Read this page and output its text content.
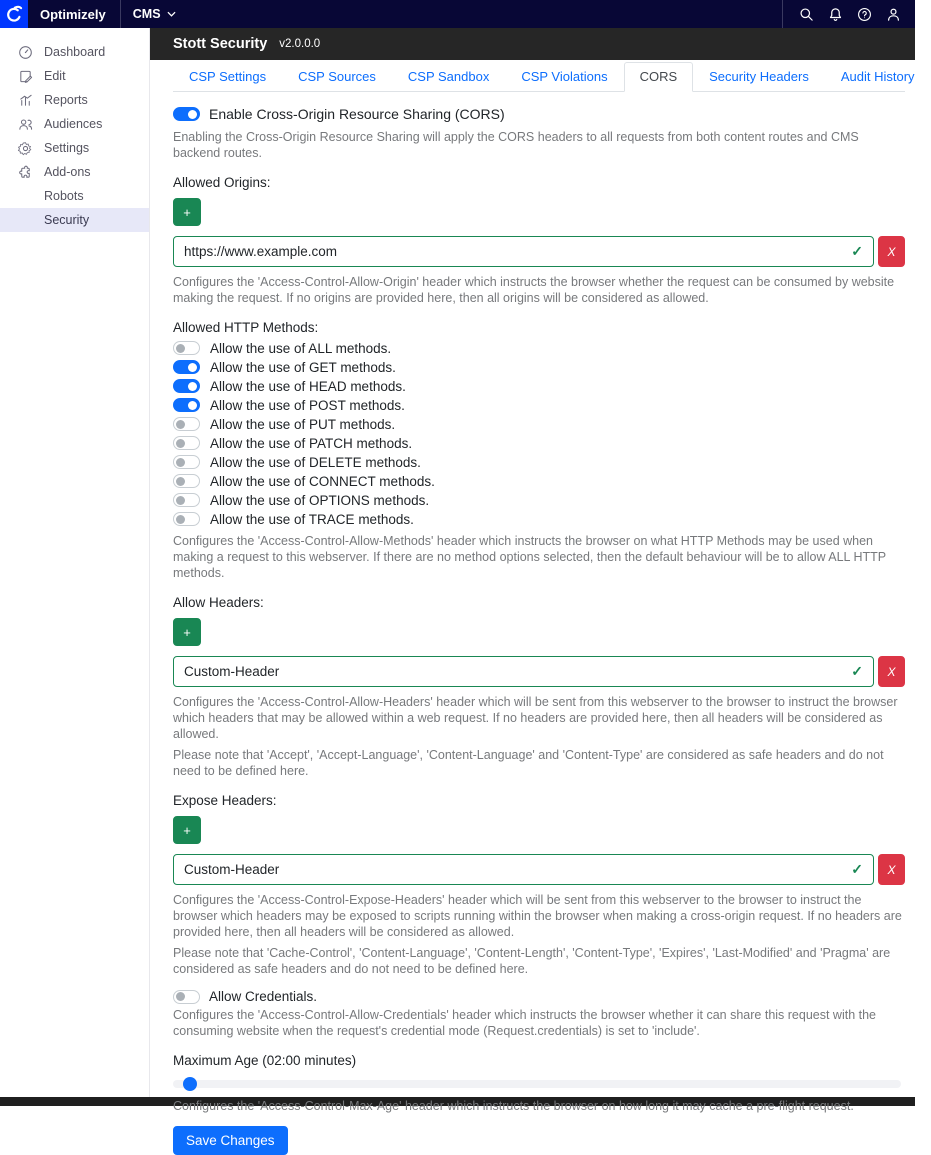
Optimizely	CMS
Dashboard
Edit
Reports
Audiences
Settings
Add-ons
Robots
Security
Stott Security v2.0.0.0
CSP Settings	CSP Sources	CSP Sandbox	CSP Violations	CORS	Security Headers	Audit History
Enable Cross-Origin Resource Sharing (CORS)
Enabling the Cross-Origin Resource Sharing will apply the CORS headers to all requests from both content routes and CMS backend routes.
Allowed Origins:
+
https://www.example.com
✓	X
Configures the 'Access-Control-Allow-Origin' header which instructs the browser whether the request can be consumed by website making the request. If no origins are provided here, then all origins will be considered as allowed.
Allowed HTTP Methods:
Allow the use of ALL methods.
Allow the use of GET methods.
Allow the use of HEAD methods.
Allow the use of POST methods.
Allow the use of PUT methods.
Allow the use of PATCH methods.
Allow the use of DELETE methods.
Allow the use of CONNECT methods.
Allow the use of OPTIONS methods.
Allow the use of TRACE methods.
Configures the 'Access-Control-Allow-Methods' header which instructs the browser on what HTTP Methods may be used when making a request to this webserver. If there are no method options selected, then the default behaviour will be to allow ALL HTTP methods.
Allow Headers:
+
Custom-Header
✓	X
Configures the 'Access-Control-Allow-Headers' header which will be sent from this webserver to the browser to instruct the browser which headers that may be allowed within a web request. If no headers are provided here, then all headers will be considered as allowed.
Please note that 'Accept', 'Accept-Language', 'Content-Language' and 'Content-Type' are considered as safe headers and do not need to be defined here.
Expose Headers:
+
Custom-Header
✓	X
Configures the 'Access-Control-Expose-Headers' header which will be sent from this webserver to the browser to instruct the browser which headers may be exposed to scripts running within the browser when making a cross-origin request. If no headers are provided here, then all headers will be considered as allowed.
Please note that 'Cache-Control', 'Content-Language', 'Content-Length', 'Content-Type', 'Expires', 'Last-Modified' and 'Pragma' are considered as safe headers and do not need to be defined here.
Allow Credentials.
Configures the 'Access-Control-Allow-Credentials' header which instructs the browser whether it can share this request with the consuming website when the request's credential mode (Request.credentials) is set to 'include'.
Maximum Age (02:00 minutes)
Configures the 'Access-Control-Max-Age' header which instructs the browser on how long it may cache a pre-flight request.
Save Changes
